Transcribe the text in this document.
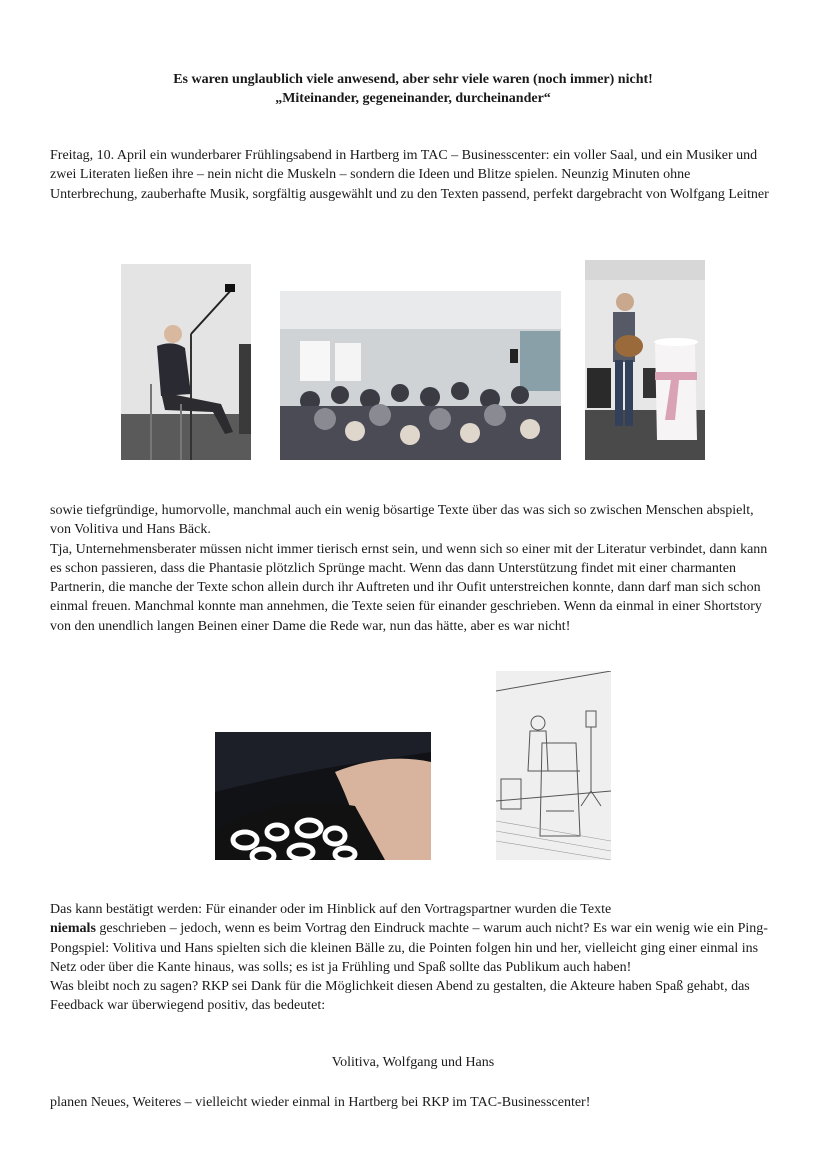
Es waren unglaublich viele anwesend, aber sehr viele waren (noch immer) nicht!
„Miteinander, gegeneinander, durcheinander“

Freitag, 10. April ein wunderbarer Frühlingsabend in Hartberg im TAC – Businesscenter: ein voller Saal, und ein Musiker und zwei Literaten ließen ihre – nein nicht die Muskeln – sondern die Ideen und Blitze spielen. Neunzig Minuten ohne Unterbrechung, zauberhafte Musik, sorgfältig ausgewählt und zu den Texten passend, perfekt dargebracht von Wolfgang Leitner

sowie tiefgründige, humorvolle, manchmal auch ein wenig bösartige Texte über das was sich so zwischen Menschen abspielt, von Volitiva und Hans Bäck.
Tja, Unternehmensberater müssen nicht immer tierisch ernst sein, und wenn sich so einer mit der Literatur verbindet, dann kann es schon passieren, dass die Phantasie plötzlich Sprünge macht. Wenn das dann Unterstützung findet mit einer charmanten Partnerin, die manche der Texte schon allein durch ihr Auftreten und ihr Oufit unterstreichen konnte, dann darf man sich schon einmal freuen. Manchmal konnte man annehmen, die Texte seien für einander geschrieben. Wenn da einmal in einer Shortstory von den unendlich langen Beinen einer Dame die Rede war, nun das hätte, aber es war nicht!

Das kann bestätigt werden: Für einander oder im Hinblick auf den Vortragspartner wurden die Texte
niemals geschrieben – jedoch, wenn es beim Vortrag den Eindruck machte – warum auch nicht? Es war ein wenig wie ein Ping-Pongspiel: Volitiva und Hans spielten sich die kleinen Bälle zu, die Pointen folgen hin und her, vielleicht ging einer einmal ins Netz oder über die Kante hinaus, was solls; es ist ja Frühling und Spaß sollte das Publikum auch haben!
Was bleibt noch zu sagen? RKP sei Dank für die Möglichkeit diesen Abend zu gestalten, die Akteure haben Spaß gehabt, das Feedback war überwiegend positiv, das bedeutet:

Volitiva, Wolfgang und Hans

planen Neues, Weiteres – vielleicht wieder einmal in Hartberg bei RKP im TAC-Businesscenter!
